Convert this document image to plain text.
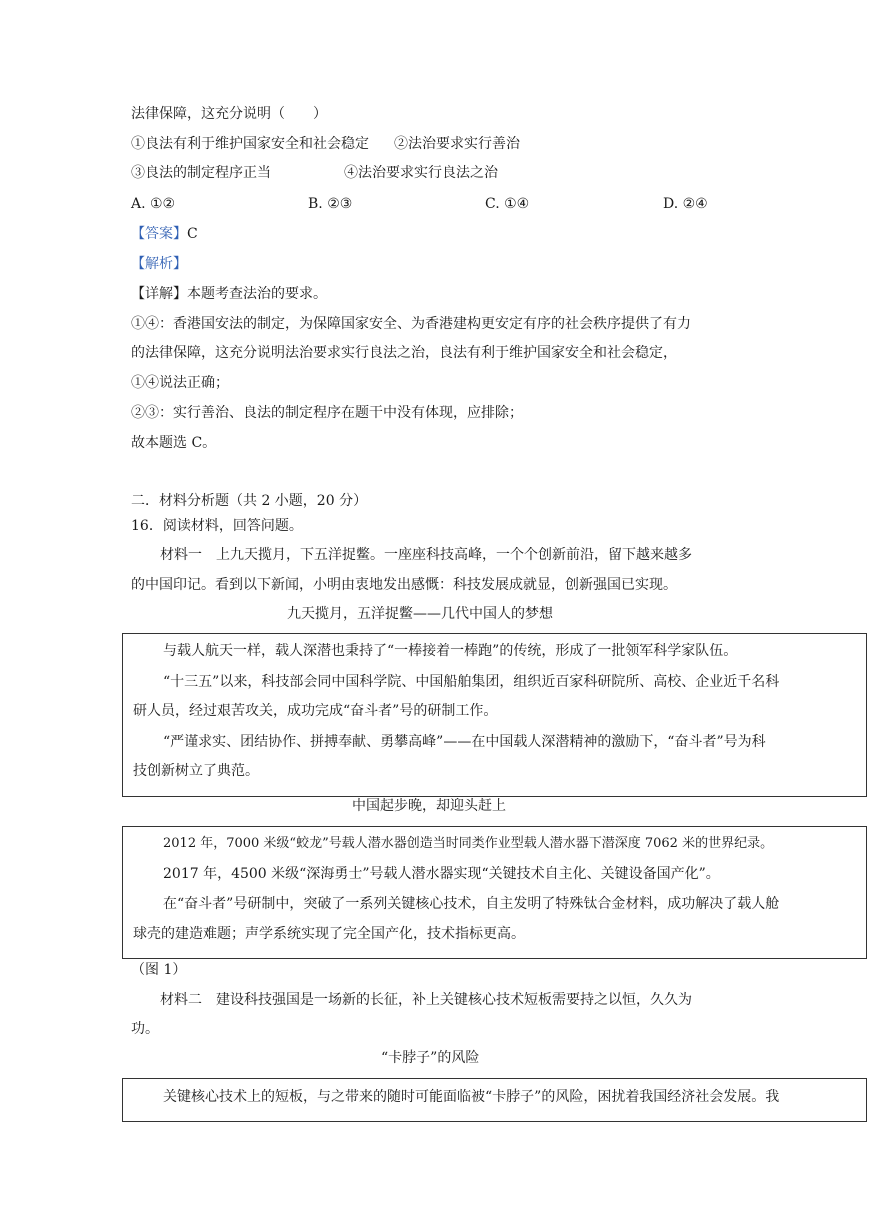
法律保障，这充分说明（　　）
①良法有利于维护国家安全和社会稳定 ②法治要求实行善治
③良法的制定程序正当	④法治要求实行良法之治
A. ①②	B. ②③	C. ①④	D. ②④
【答案】C
【解析】
【详解】本题考查法治的要求。
①④：香港国安法的制定，为保障国家安全、为香港建构更安定有序的社会秩序提供了有力
的法律保障，这充分说明法治要求实行良法之治，良法有利于维护国家安全和社会稳定，
①④说法正确；
②③：实行善治、良法的制定程序在题干中没有体现，应排除；
故本题选 C。
二．材料分析题（共 2 小题，20 分）
16．阅读材料，回答问题。
材料一　上九天揽月，下五洋捉鳖。一座座科技高峰，一个个创新前沿，留下越来越多
的中国印记。看到以下新闻，小明由衷地发出感慨：科技发展成就显，创新强国已实现。
九天揽月，五洋捉鳖——几代中国人的梦想
与载人航天一样，载人深潜也秉持了“一棒接着一棒跑”的传统，形成了一批领军科学家队伍。
“十三五”以来，科技部会同中国科学院、中国船舶集团，组织近百家科研院所、高校、企业近千名科
研人员，经过艰苦攻关，成功完成“奋斗者”号的研制工作。
“严谨求实、团结协作、拼搏奉献、勇攀高峰”——在中国载人深潜精神的激励下，“奋斗者”号为科
技创新树立了典范。
中国起步晚，却迎头赶上
2012 年，7000 米级“蛟龙”号载人潜水器创造当时同类作业型载人潜水器下潜深度 7062 米的世界纪录。
2017 年，4500 米级“深海勇士”号载人潜水器实现“关键技术自主化、关键设备国产化”。
在“奋斗者”号研制中，突破了一系列关键核心技术，自主发明了特殊钛合金材料，成功解决了载人舱
球壳的建造难题；声学系统实现了完全国产化，技术指标更高。
（图 1）
材料二　建设科技强国是一场新的长征，补上关键核心技术短板需要持之以恒，久久为
功。
“卡脖子”的风险
关键核心技术上的短板，与之带来的随时可能面临被“卡脖子”的风险，困扰着我国经济社会发展。我
